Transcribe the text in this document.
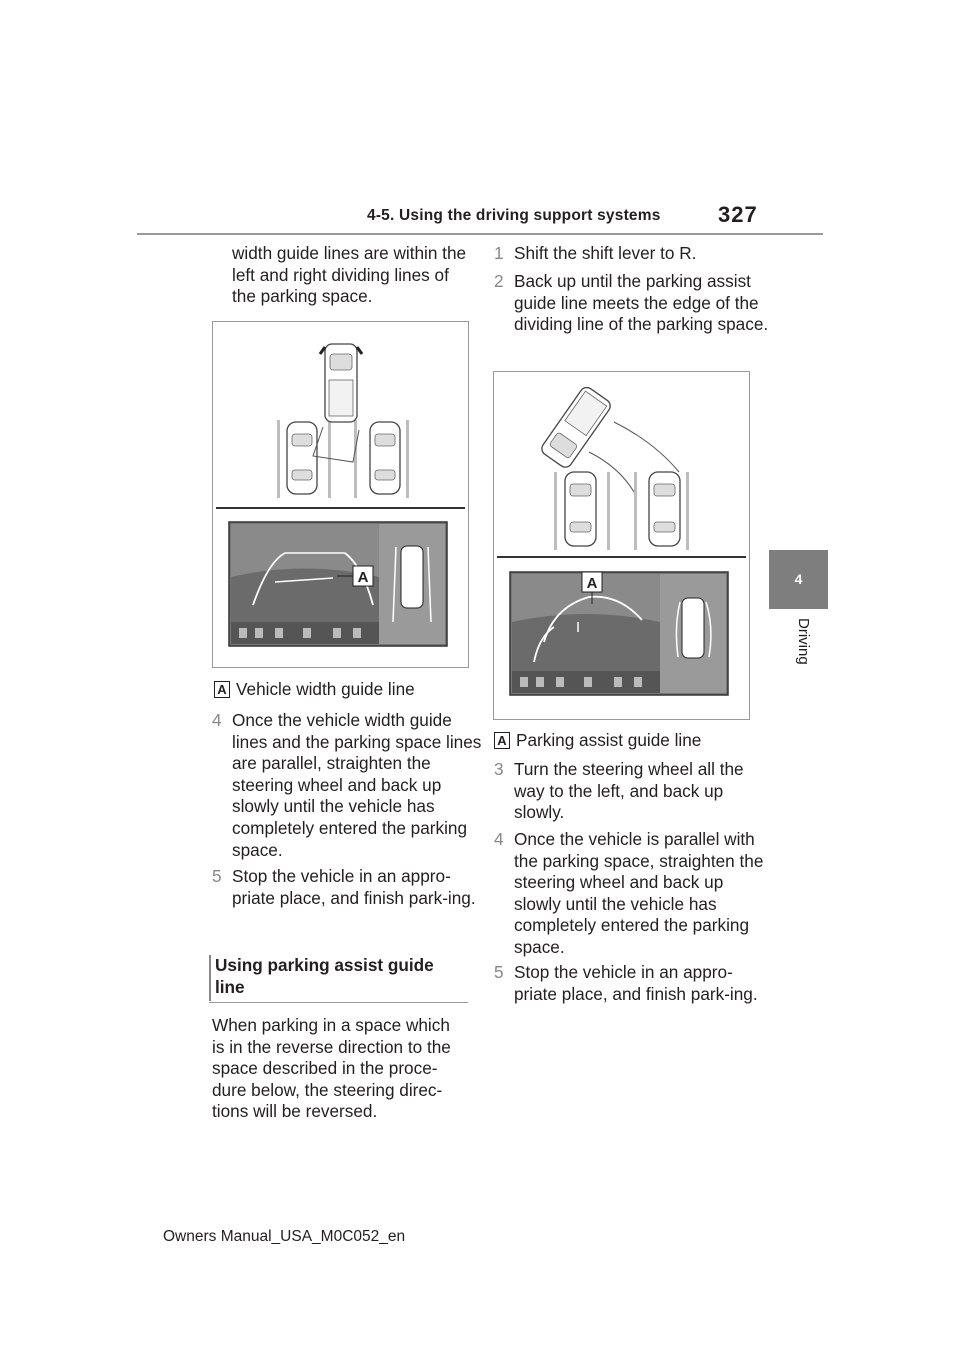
4-5. Using the driving support systems	327
4
Driving
width guide lines are within the left and right dividing lines of the parking space.
A
A Vehicle width guide line
4 Once the vehicle width guide lines and the parking space lines are parallel, straighten the steering wheel and back up slowly until the vehicle has completely entered the parking space.
5 Stop the vehicle in an appro-priate place, and finish park-ing.
Using parking assist guide line
When parking in a space which is in the reverse direction to the space described in the proce-dure below, the steering direc-tions will be reversed.
1 Shift the shift lever to R.
2 Back up until the parking assist guide line meets the edge of the dividing line of the parking space.
A
A Parking assist guide line
3 Turn the steering wheel all the way to the left, and back up slowly.
4 Once the vehicle is parallel with the parking space, straighten the steering wheel and back up slowly until the vehicle has completely entered the parking space.
5 Stop the vehicle in an appro-priate place, and finish park-ing.
Owners Manual_USA_M0C052_en
